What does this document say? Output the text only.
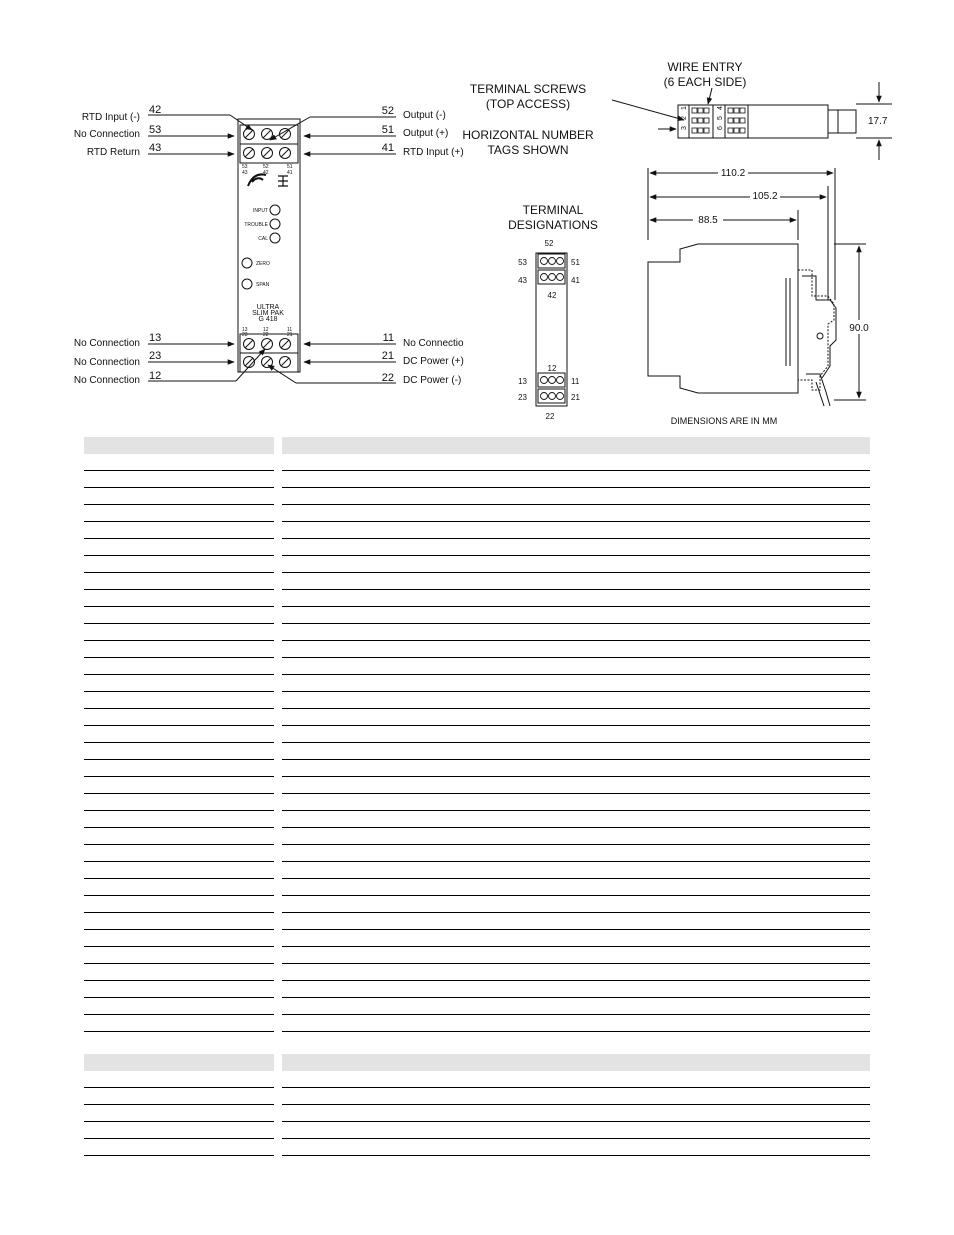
53	52	51
43	42	41
13	12	11
23	22	21
INPUT
TROUBLE
CAL
ZERO
SPAN
ULTRA
SLIM PAK
G 418
RTD Input (-)
No Connection
RTD Return
No Connection
No Connection
No Connection
42
53
43
13
23
12
Output (-)
Output (+)
RTD Input (+)
No Connectio
DC Power (+)
DC Power (-)
52
51
41
11
21
22
TERMINAL SCREWS
(TOP ACCESS)
HORIZONTAL NUMBER
TAGS SHOWN
WIRE ENTRY
(6 EACH SIDE)
1
2
3
4
5
6
17.7
110.2
105.2
88.5
90.0
DIMENSIONS ARE IN MM
TERMINAL
DESIGNATIONS
52
53
43
51
41
42
12
13
23
11
21
22
